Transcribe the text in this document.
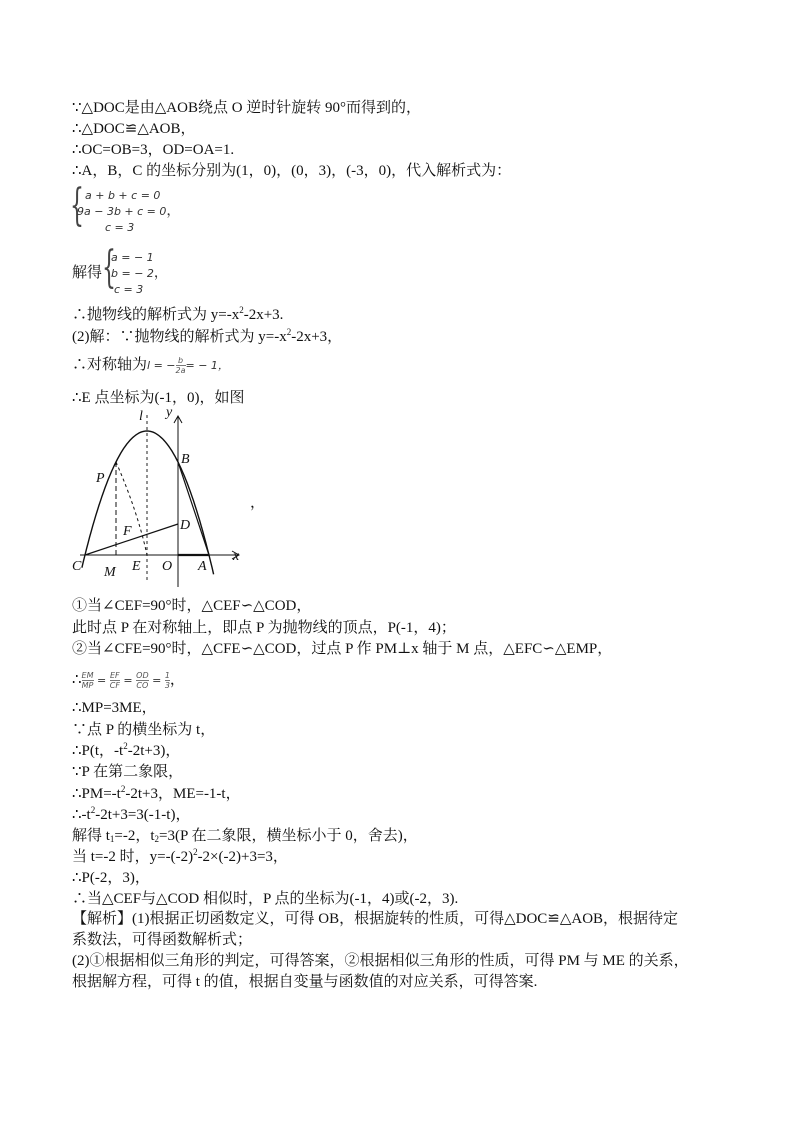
∵△DOC是由△AOB绕点 O 逆时针旋转 90°而得到的，
∴△DOC≌△AOB，
∴OC=OB=3，OD=OA=1.
∴A，B，C 的坐标分别为(1，0)，(0，3)，(-3，0)，代入解析式为：
{ a + b + c = 0
9a − 3b + c = 0，
c = 3
解得 {
a = − 1
b = − 2，
c = 3
∴抛物线的解析式为 $y=-x^2-2x+3$.
(2)解：∵抛物线的解析式为 $y=-x^2-2x+3$，
∴对称轴为l = − $\frac{b}{2a}$ = − 1，
∴E 点坐标为(-1，0)，如图
l y
x
B
P
D
F
C M E O A
，
①当∠CEF=90°时，△CEF∽△COD，
此时点 P 在对称轴上，即点 P 为抛物线的顶点，P(-1，4)；
②当∠CFE=90°时，△CFE∽△COD，过点 P 作 PM⊥x 轴于 M 点，△EFC∽△EMP，
∴ $\frac{EM}{MP} = \frac{EF}{CF} = \frac{OD}{CO} = \frac{1}{3}$ ，
∴MP=3ME，
∵点 P 的横坐标为 t，
∴P(t，$-t^2-2t+3$)，
∵P 在第二象限，
$\therefore PM=-t^2-2t+3$，ME=-1-t，
$\therefore-t^2-2t+3=3(-1-t)$，
解得 $t_1=-2$，$t_2=3(P$ 在二象限，横坐标小于 0，舍去)，
当 t=-2 时，$y=-(-2)^2-2\times(-2)+3=3$，
∴P(-2，3)，
∴当△CEF与△COD 相似时，P 点的坐标为(-1，4)或(-2，3).
【解析】(1)根据正切函数定义，可得 OB，根据旋转的性质，可得△DOC≌△AOB，根据待定
系数法，可得函数解析式；
(2)①根据相似三角形的判定，可得答案，②根据相似三角形的性质，可得 PM 与 ME 的关系，
根据解方程，可得 t 的值，根据自变量与函数值的对应关系，可得答案.
